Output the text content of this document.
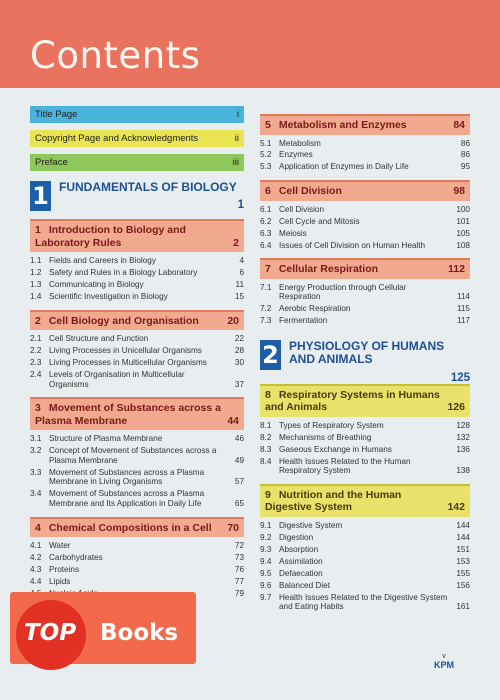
Contents
Title Page	i
Copyright Page and Acknowledgments	ii
Preface	iii
1 FUNDAMENTALS OF BIOLOGY
1
1 Introduction to Biology and Laboratory Rules	2
1.1 Fields and Careers in Biology	4
1.2 Safety and Rules in a Biology Laboratory	6
1.3 Communicating in Biology	11
1.4 Scientific Investigation in Biology	15
2 Cell Biology and Organisation	20
2.1 Cell Structure and Function	22
2.2 Living Processes in Unicellular Organisms	28
2.3 Living Processes in Multicellular Organisms	30
2.4 Levels of Organisation in Multicellular Organisms	37
3 Movement of Substances across a Plasma Membrane	44
3.1 Structure of Plasma Membrane	46
3.2 Concept of Movement of Substances across a Plasma Membrane	49
3.3 Movement of Substances across a Plasma Membrane in Living Organisms	57
3.4 Movement of Substances across a Plasma Membrane and Its Application in Daily Life	65
4 Chemical Compositions in a Cell	70
4.1 Water	72
4.2 Carbohydrates	73
4.3 Proteins	76
4.4 Lipids	77
79
5 Metabolism and Enzymes	84
5.1 Metabolism	86
5.2 Enzymes	86
5.3 Application of Enzymes in Daily Life	95
6 Cell Division	98
6.1 Cell Division	100
6.2 Cell Cycle and Mitosis	101
6.3 Meiosis	105
6.4 Issues of Cell Division on Human Health	108
7 Cellular Respiration	112
7.1 Energy Production through Cellular Respiration	114
7.2 Aerobic Respiration	115
7.3 Fermentation	117
2 PHYSIOLOGY OF HUMANS AND ANIMALS
125
8 Respiratory Systems in Humans and Animals	126
8.1 Types of Respiratory System	128
8.2 Mechanisms of Breathing	132
8.3 Gaseous Exchange in Humans	136
8.4 Health Issues Related to the Human Respiratory System	138
9 Nutrition and the Human Digestive System	142
9.1 Digestive System	144
9.2 Digestion	144
9.3 Absorption	151
9.4 Assimilation	153
9.5 Defaecation	155
9.6 Balanced Diet	156
9.7 Health Issues Related to the Digestive System and Eating Habits	161
TOP Books
v
KPM
